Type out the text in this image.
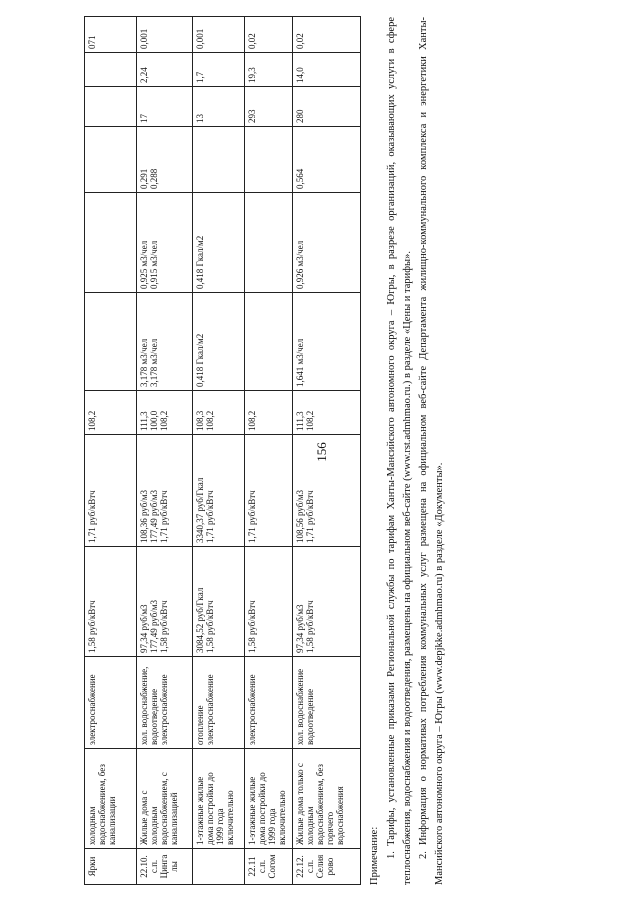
156
Ярки	холодным водоснабжением, без канализации	электроснабжение	1,58 руб/кВтч	1,71 руб/кВтч	108,2						071

22.10. с.п. Цинга лы	Жилые дома с холодным водоснабжением, с канализацией	хол. водоснабжение, водоотведение электроснабжение	97,34 руб/м3 177,49 руб/м3 1,58 руб/кВтч	108,36 руб/м3 177,49 руб/м3 1,71 руб/кВтч	111,3 100,0 108,2	3,178 м3/чел 3,178 м3/чел	0,925 м3/чел 0,915 м3/чел	0,291 0,288	17	2,24	0,001

	1-этажные жилые дома постройки до 1999 года включительно	отопление электроснабжение	3084,52 руб/Гкал 1,58 руб/кВтч	3340,37 руб/Гкал 1,71 руб/кВтч	108,3 108,2	0,418 Гкал/м2	0,418 Гкал/м2		13	1,7	0,001

22.11 с.п. Согом	1-этажные жилые дома постройки до 1999 года включительно	электроснабжение	1,58 руб/кВтч	1,71 руб/кВтч	108,2				293	19,3	0,02

22.12. с.п. Селия рово	Жилые дома только с холодным водоснабжением, без горячего водоснабжения	хол. водоснабжение водоотведение	97,34 руб/м3 1,58 руб/кВтч	108,56 руб/м3 1,71 руб/кВтч	111,3 108,2	1,641 м3/чел	0,926 м3/чел	0,564	280	14,0	0,02

Примечание: 1. Тарифы, установленные приказами Региональной службы по тарифам Ханты-Мансийского автономного округа – Югры, в разрезе организаций, оказывающих услуги в сфере теплоснабжения, водоснабжения и водоотведения, размещены на официальном веб-сайте (www.rst.admhmao.ru.) в разделе «Цены и тарифы». 2. Информация о нормативах потребления коммунальных услуг размещена на официальном веб-сайте Департамента жилищно-коммунального комплекса и энергетики Ханты-Мансийского автономного округа – Югры (www.depjkke.admhmao.ru) в разделе «Документы».
